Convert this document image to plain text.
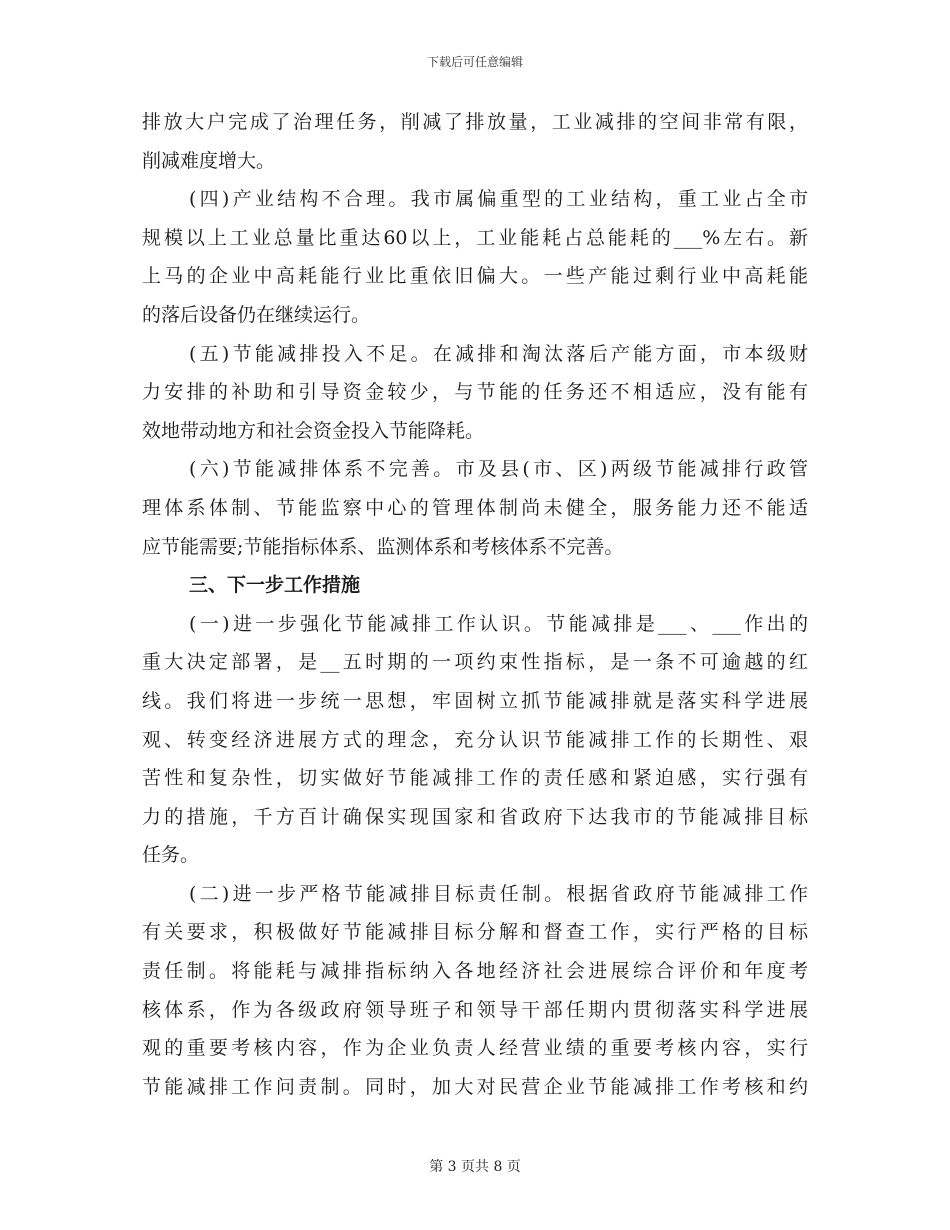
下载后可任意编辑
排放大户完成了治理任务，削减了排放量，工业减排的空间非常有限，
削减难度增大。
(四)产业结构不合理。我市属偏重型的工业结构，重工业占全市
规模以上工业总量比重达60以上，工业能耗占总能耗的___%左右。新
上马的企业中高耗能行业比重依旧偏大。一些产能过剩行业中高耗能
的落后设备仍在继续运行。
(五)节能减排投入不足。在减排和淘汰落后产能方面，市本级财
力安排的补助和引导资金较少，与节能的任务还不相适应，没有能有
效地带动地方和社会资金投入节能降耗。
(六)节能减排体系不完善。市及县(市、区)两级节能减排行政管
理体系体制、节能监察中心的管理体制尚未健全，服务能力还不能适
应节能需要;节能指标体系、监测体系和考核体系不完善。
三、下一步工作措施
(一)进一步强化节能减排工作认识。节能减排是___、___作出的
重大决定部署，是__五时期的一项约束性指标，是一条不可逾越的红
线。我们将进一步统一思想，牢固树立抓节能减排就是落实科学进展
观、转变经济进展方式的理念，充分认识节能减排工作的长期性、艰
苦性和复杂性，切实做好节能减排工作的责任感和紧迫感，实行强有
力的措施，千方百计确保实现国家和省政府下达我市的节能减排目标
任务。
(二)进一步严格节能减排目标责任制。根据省政府节能减排工作
有关要求，积极做好节能减排目标分解和督查工作，实行严格的目标
责任制。将能耗与减排指标纳入各地经济社会进展综合评价和年度考
核体系，作为各级政府领导班子和领导干部任期内贯彻落实科学进展
观的重要考核内容，作为企业负责人经营业绩的重要考核内容，实行
节能减排工作问责制。同时，加大对民营企业节能减排工作考核和约
第 3 页共 8 页
